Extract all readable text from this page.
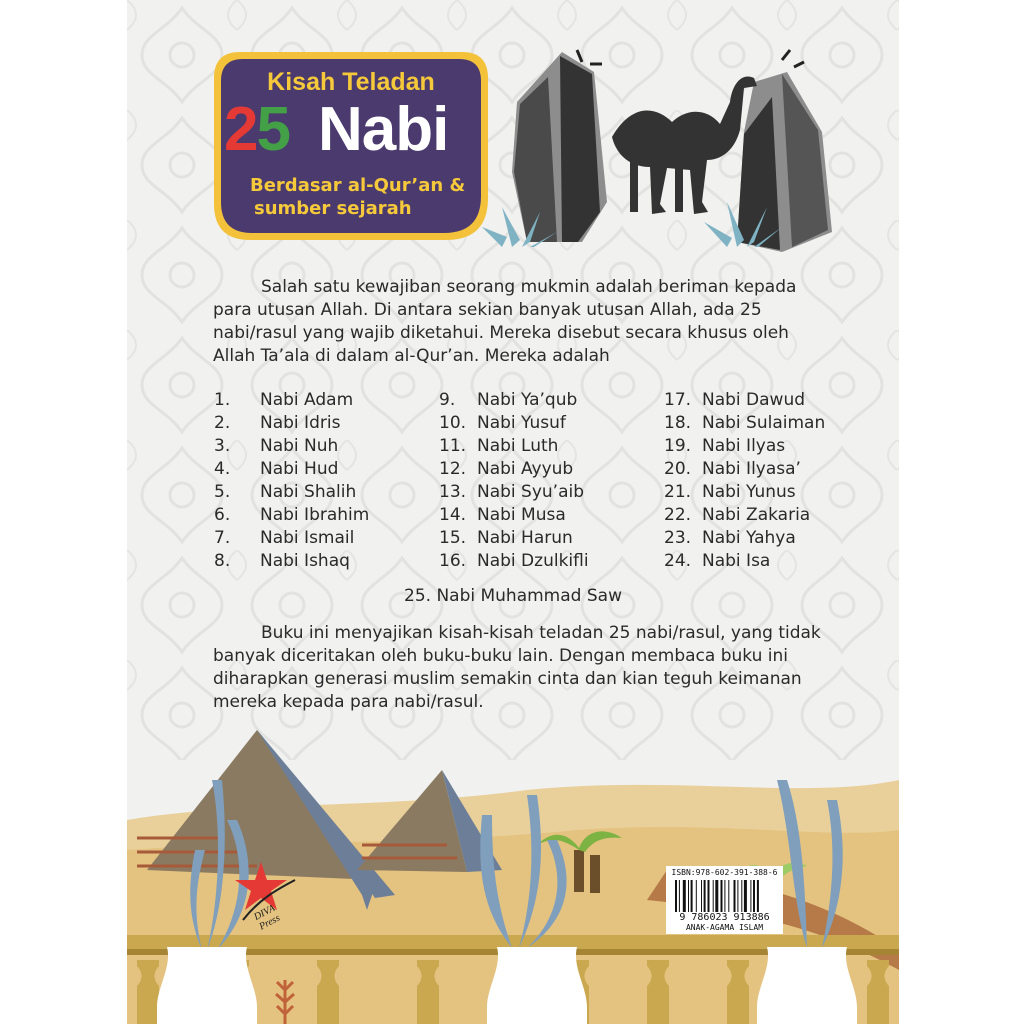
Kisah Teladan
25 Nabi
Berdasar al-Qur’an &
sumber sejarah

Salah satu kewajiban seorang mukmin adalah beriman kepada para utusan Allah. Di antara sekian banyak utusan Allah, ada 25 nabi/rasul yang wajib diketahui. Mereka disebut secara khusus oleh Allah Ta’ala di dalam al-Qur’an. Mereka adalah

1. Nabi Adam
2. Nabi Idris
3. Nabi Nuh
4. Nabi Hud
5. Nabi Shalih
6. Nabi Ibrahim
7. Nabi Ismail
8. Nabi Ishaq
9. Nabi Ya’qub
10. Nabi Yusuf
11. Nabi Luth
12. Nabi Ayyub
13. Nabi Syu’aib
14. Nabi Musa
15. Nabi Harun
16. Nabi Dzulkifli
17. Nabi Dawud
18. Nabi Sulaiman
19. Nabi Ilyas
20. Nabi Ilyasa’
21. Nabi Yunus
22. Nabi Zakaria
23. Nabi Yahya
24. Nabi Isa
25. Nabi Muhammad Saw

Buku ini menyajikan kisah-kisah teladan 25 nabi/rasul, yang tidak banyak diceritakan oleh buku-buku lain. Dengan membaca buku ini diharapkan generasi muslim semakin cinta dan kian teguh keimanan mereka kepada para nabi/rasul.

DIVA Press
ISBN:978-602-391-388-6
9 786023 913886
ANAK-AGAMA ISLAM
